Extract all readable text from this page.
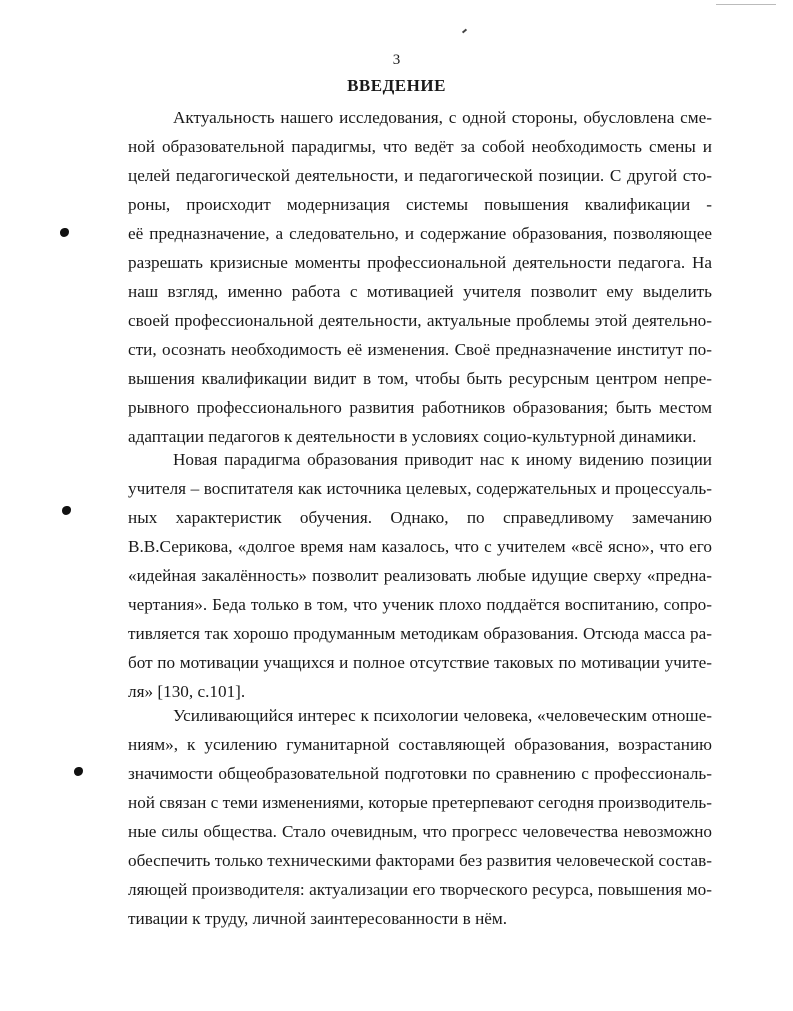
3
ВВЕДЕНИЕ
Актуальность нашего исследования, с одной стороны, обусловлена сме-
ной образовательной парадигмы, что ведёт за собой необходимость смены и
целей педагогической деятельности, и педагогической позиции. С другой сто-
роны, происходит модернизация системы повышения квалификации -
её предназначение, а следовательно, и содержание образования, позволяющее
разрешать кризисные моменты профессиональной деятельности педагога. На
наш взгляд, именно работа с мотивацией учителя позволит ему выделить
своей профессиональной деятельности, актуальные проблемы этой деятельно-
сти, осознать необходимость её изменения. Своё предназначение институт по-
вышения квалификации видит в том, чтобы быть ресурсным центром непре-
рывного профессионального развития работников образования; быть местом
адаптации педагогов к деятельности в условиях социо-культурной динамики.
Новая парадигма образования приводит нас к иному видению позиции
учителя – воспитателя как источника целевых, содержательных и процессуаль-
ных характеристик обучения. Однако, по справедливому замечанию
В.В.Серикова, «долгое время нам казалось, что с учителем «всё ясно», что его
«идейная закалённость» позволит реализовать любые идущие сверху «предна-
чертания». Беда только в том, что ученик плохо поддаётся воспитанию, сопро-
тивляется так хорошо продуманным методикам образования. Отсюда масса ра-
бот по мотивации учащихся и полное отсутствие таковых по мотивации учите-
ля» [130, с.101].
Усиливающийся интерес к психологии человека, «человеческим отноше-
ниям», к усилению гуманитарной составляющей образования, возрастанию
значимости общеобразовательной подготовки по сравнению с профессиональ-
ной связан с теми изменениями, которые претерпевают сегодня производитель-
ные силы общества. Стало очевидным, что прогресс человечества невозможно
обеспечить только техническими факторами без развития человеческой состав-
ляющей производителя: актуализации его творческого ресурса, повышения мо-
тивации к труду, личной заинтересованности в нём.
